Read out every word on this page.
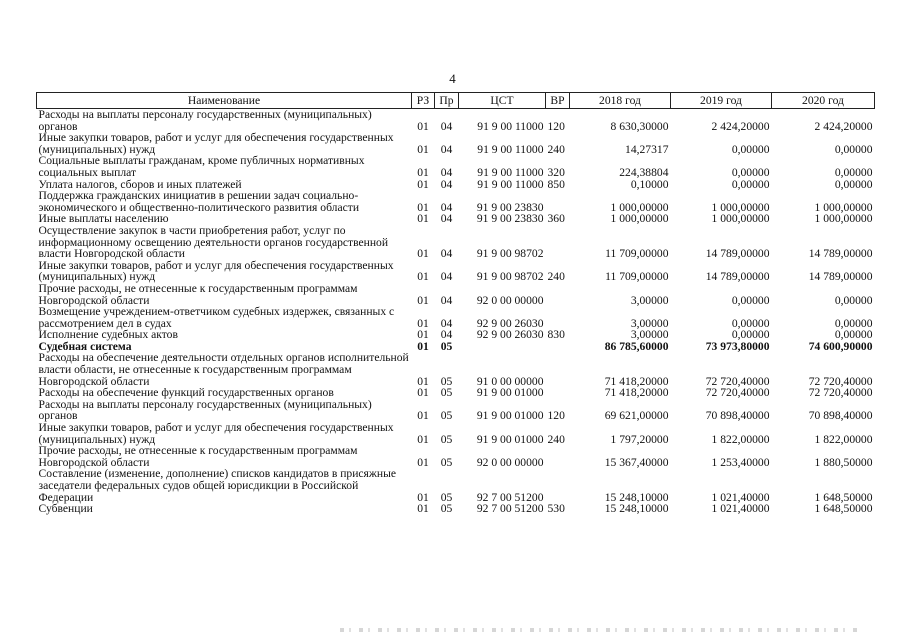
4
Наименование	РЗ	Пр	ЦСТ	ВР	2018 год	2019 год	2020 год
Расходы на выплаты персоналу государственных (муниципальных) органов	01	04	91 9 00 11000	120	8 630,30000	2 424,20000	2 424,20000
Иные закупки товаров, работ и услуг для обеспечения государственных (муниципальных) нужд	01	04	91 9 00 11000	240	14,27317	0,00000	0,00000
Социальные выплаты гражданам, кроме публичных нормативных социальных выплат	01	04	91 9 00 11000	320	224,38804	0,00000	0,00000
Уплата налогов, сборов и иных платежей	01	04	91 9 00 11000	850	0,10000	0,00000	0,00000
Поддержка гражданских инициатив в решении задач социально-экономического и общественно-политического развития области	01	04	91 9 00 23830		1 000,00000	1 000,00000	1 000,00000
Иные выплаты населению	01	04	91 9 00 23830	360	1 000,00000	1 000,00000	1 000,00000
Осуществление закупок в части приобретения работ, услуг по информационному освещению деятельности органов государственной власти Новгородской области	01	04	91 9 00 98702		11 709,00000	14 789,00000	14 789,00000
Иные закупки товаров, работ и услуг для обеспечения государственных (муниципальных) нужд	01	04	91 9 00 98702	240	11 709,00000	14 789,00000	14 789,00000
Прочие расходы, не отнесенные к государственным программам Новгородской области	01	04	92 0 00 00000		3,00000	0,00000	0,00000
Возмещение учреждением-ответчиком судебных издержек, связанных с рассмотрением дел в судах	01	04	92 9 00 26030		3,00000	0,00000	0,00000
Исполнение судебных актов	01	04	92 9 00 26030	830	3,00000	0,00000	0,00000
Судебная система	01	05			86 785,60000	73 973,80000	74 600,90000
Расходы на обеспечение деятельности отдельных органов исполнительной власти области, не отнесенные к государственным программам Новгородской области	01	05	91 0 00 00000		71 418,20000	72 720,40000	72 720,40000
Расходы на обеспечение функций государственных органов	01	05	91 9 00 01000		71 418,20000	72 720,40000	72 720,40000
Расходы на выплаты персоналу государственных (муниципальных) органов	01	05	91 9 00 01000	120	69 621,00000	70 898,40000	70 898,40000
Иные закупки товаров, работ и услуг для обеспечения государственных (муниципальных) нужд	01	05	91 9 00 01000	240	1 797,20000	1 822,00000	1 822,00000
Прочие расходы, не отнесенные к государственным программам Новгородской области	01	05	92 0 00 00000		15 367,40000	1 253,40000	1 880,50000
Составление (изменение, дополнение) списков кандидатов в присяжные заседатели федеральных судов общей юрисдикции в Российской Федерации	01	05	92 7 00 51200		15 248,10000	1 021,40000	1 648,50000
Субвенции	01	05	92 7 00 51200	530	15 248,10000	1 021,40000	1 648,50000
